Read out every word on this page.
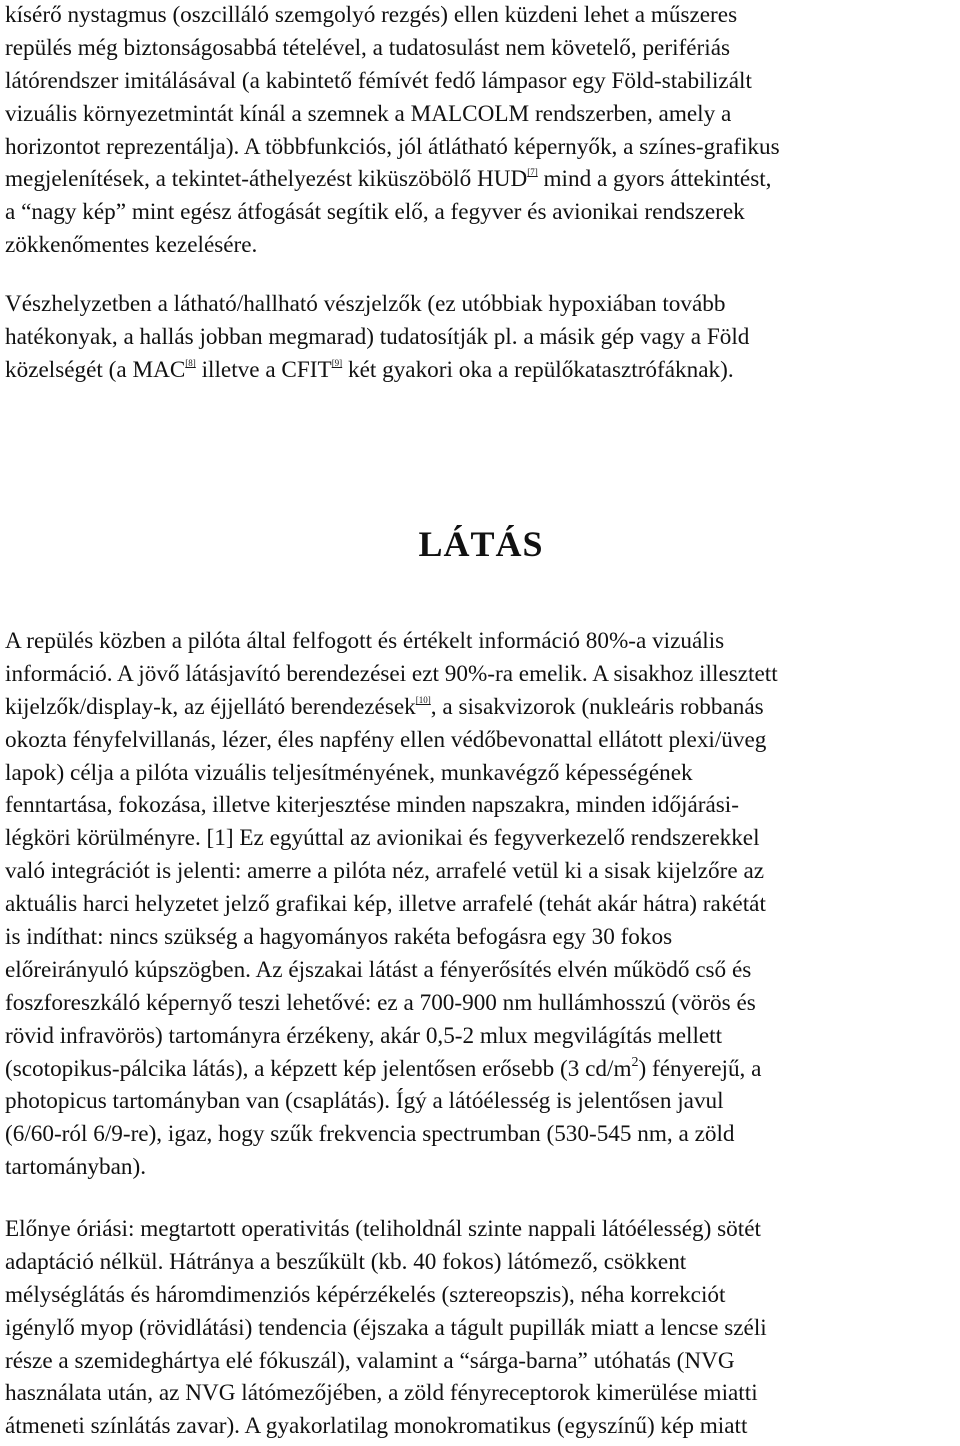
kísérő nystagmus (oszcilláló szemgolyó rezgés) ellen küzdeni lehet a műszeres
repülés még biztonságosabbá tételével, a tudatosulást nem követelő, perifériás
látórendszer imitálásával (a kabintető fémívét fedő lámpasor egy Föld-stabilizált
vizuális környezetmintát kínál a szemnek a MALCOLM rendszerben, amely a
horizontot reprezentálja). A többfunkciós, jól átlátható képernyők, a színes-grafikus
megjelenítések, a tekintet-áthelyezést kiküszöbölő HUD[7] mind a gyors áttekintést,
a “nagy kép” mint egész átfogását segítik elő, a fegyver és avionikai rendszerek
zökkenőmentes kezelésére.

Vészhelyzetben a látható/hallható vészjelzők (ez utóbbiak hypoxiában tovább
hatékonyak, a hallás jobban megmarad) tudatosítják pl. a másik gép vagy a Föld
közelségét (a MAC[8] illetve a CFIT[9] két gyakori oka a repülőkatasztrófáknak).

LÁTÁS

A repülés közben a pilóta által felfogott és értékelt információ 80%-a vizuális
információ. A jövő látásjavító berendezései ezt 90%-ra emelik. A sisakhoz illesztett
kijelzők/display-k, az éjjellátó berendezések[10], a sisakvizorok (nukleáris robbanás
okozta fényfelvillanás, lézer, éles napfény ellen védőbevonattal ellátott plexi/üveg
lapok) célja a pilóta vizuális teljesítményének, munkavégző képességének
fenntartása, fokozása, illetve kiterjesztése minden napszakra, minden időjárási-
légköri körülményre. [1] Ez egyúttal az avionikai és fegyverkezelő rendszerekkel
való integrációt is jelenti: amerre a pilóta néz, arrafelé vetül ki a sisak kijelzőre az
aktuális harci helyzetet jelző grafikai kép, illetve arrafelé (tehát akár hátra) rakétát
is indíthat: nincs szükség a hagyományos rakéta befogásra egy 30 fokos
előreirányuló kúpszögben. Az éjszakai látást a fényerősítés elvén működő cső és
foszforeszkáló képernyő teszi lehetővé: ez a 700-900 nm hullámhosszú (vörös és
rövid infravörös) tartományra érzékeny, akár 0,5-2 mlux megvilágítás mellett
(scotopikus-pálcika látás), a képzett kép jelentősen erősebb (3 $cd/m^2$) fényerejű, a
photopicus tartományban van (csaplátás). Ígý a látóélesség is jelentősen javul
(6/60-ról 6/9-re), igaz, hogy szűk frekvencia spectrumban (530-545 nm, a zöld
tartományban).

Előnye óriási: megtartott operativitás (teliholdnál szinte nappali látóélesség) sötét
adaptáció nélkül. Hátránya a beszűkült (kb. 40 fokos) látómező, csökkent
mélységlátás és háromdimenziós képérzékelés (sztereopszis), néha korrekciót
igénylő myop (rövidlátási) tendencia (éjszaka a tágult pupillák miatt a lencse széli
része a szemideghártya elé fókuszál), valamint a “sárga-barna” utóhatás (NVG
használata után, az NVG látómezőjében, a zöld fényreceptorok kimerülése miatti
átmeneti színlátás zavar). A gyakorlatilag monokromatikus (egyszínű) kép miatt
